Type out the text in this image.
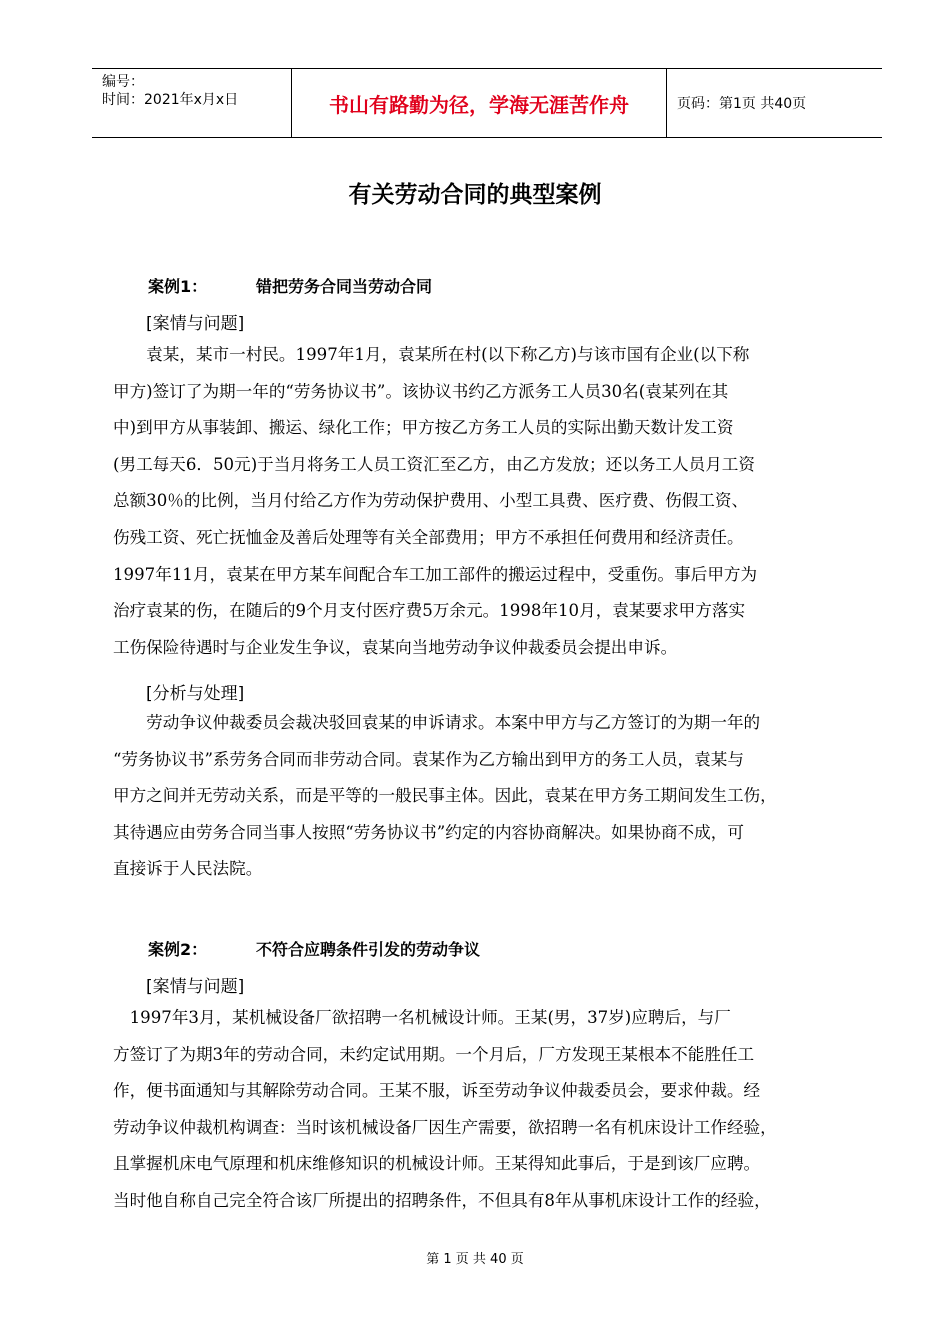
编号：
时间：2021年x月x日	书山有路勤为径，学海无涯苦作舟	页码：第1页 共40页
有关劳动合同的典型案例
案例1：	错把劳务合同当劳动合同
[案情与问题]
　　袁某，某市一村民。1997年1月，袁某所在村(以下称乙方)与该市国有企业(以下称
甲方)签订了为期一年的“劳务协议书”。该协议书约乙方派务工人员30名(袁某列在其
中)到甲方从事装卸、搬运、绿化工作；甲方按乙方务工人员的实际出勤天数计发工资
(男工每天6．50元)于当月将务工人员工资汇至乙方，由乙方发放；还以务工人员月工资
总额30％的比例，当月付给乙方作为劳动保护费用、小型工具费、医疗费、伤假工资、
伤残工资、死亡抚恤金及善后处理等有关全部费用；甲方不承担任何费用和经济责任。
1997年11月，袁某在甲方某车间配合车工加工部件的搬运过程中，受重伤。事后甲方为
治疗袁某的伤，在随后的9个月支付医疗费5万余元。1998年10月，袁某要求甲方落实
工伤保险待遇时与企业发生争议，袁某向当地劳动争议仲裁委员会提出申诉。
[分析与处理]
　　劳动争议仲裁委员会裁决驳回袁某的申诉请求。本案中甲方与乙方签订的为期一年的
“劳务协议书”系劳务合同而非劳动合同。袁某作为乙方输出到甲方的务工人员，袁某与
甲方之间并无劳动关系，而是平等的一般民事主体。因此，袁某在甲方务工期间发生工伤，
其待遇应由劳务合同当事人按照“劳务协议书”约定的内容协商解决。如果协商不成，可
直接诉于人民法院。
案例2：	不符合应聘条件引发的劳动争议
[案情与问题]
　1997年3月，某机械设备厂欲招聘一名机械设计师。王某(男，37岁)应聘后，与厂
方签订了为期3年的劳动合同，未约定试用期。一个月后，厂方发现王某根本不能胜任工
作，便书面通知与其解除劳动合同。王某不服，诉至劳动争议仲裁委员会，要求仲裁。经
劳动争议仲裁机构调查：当时该机械设备厂因生产需要，欲招聘一名有机床设计工作经验，
且掌握机床电气原理和机床维修知识的机械设计师。王某得知此事后，于是到该厂应聘。
当时他自称自己完全符合该厂所提出的招聘条件，不但具有8年从事机床设计工作的经验，
第 1 页 共 40 页
